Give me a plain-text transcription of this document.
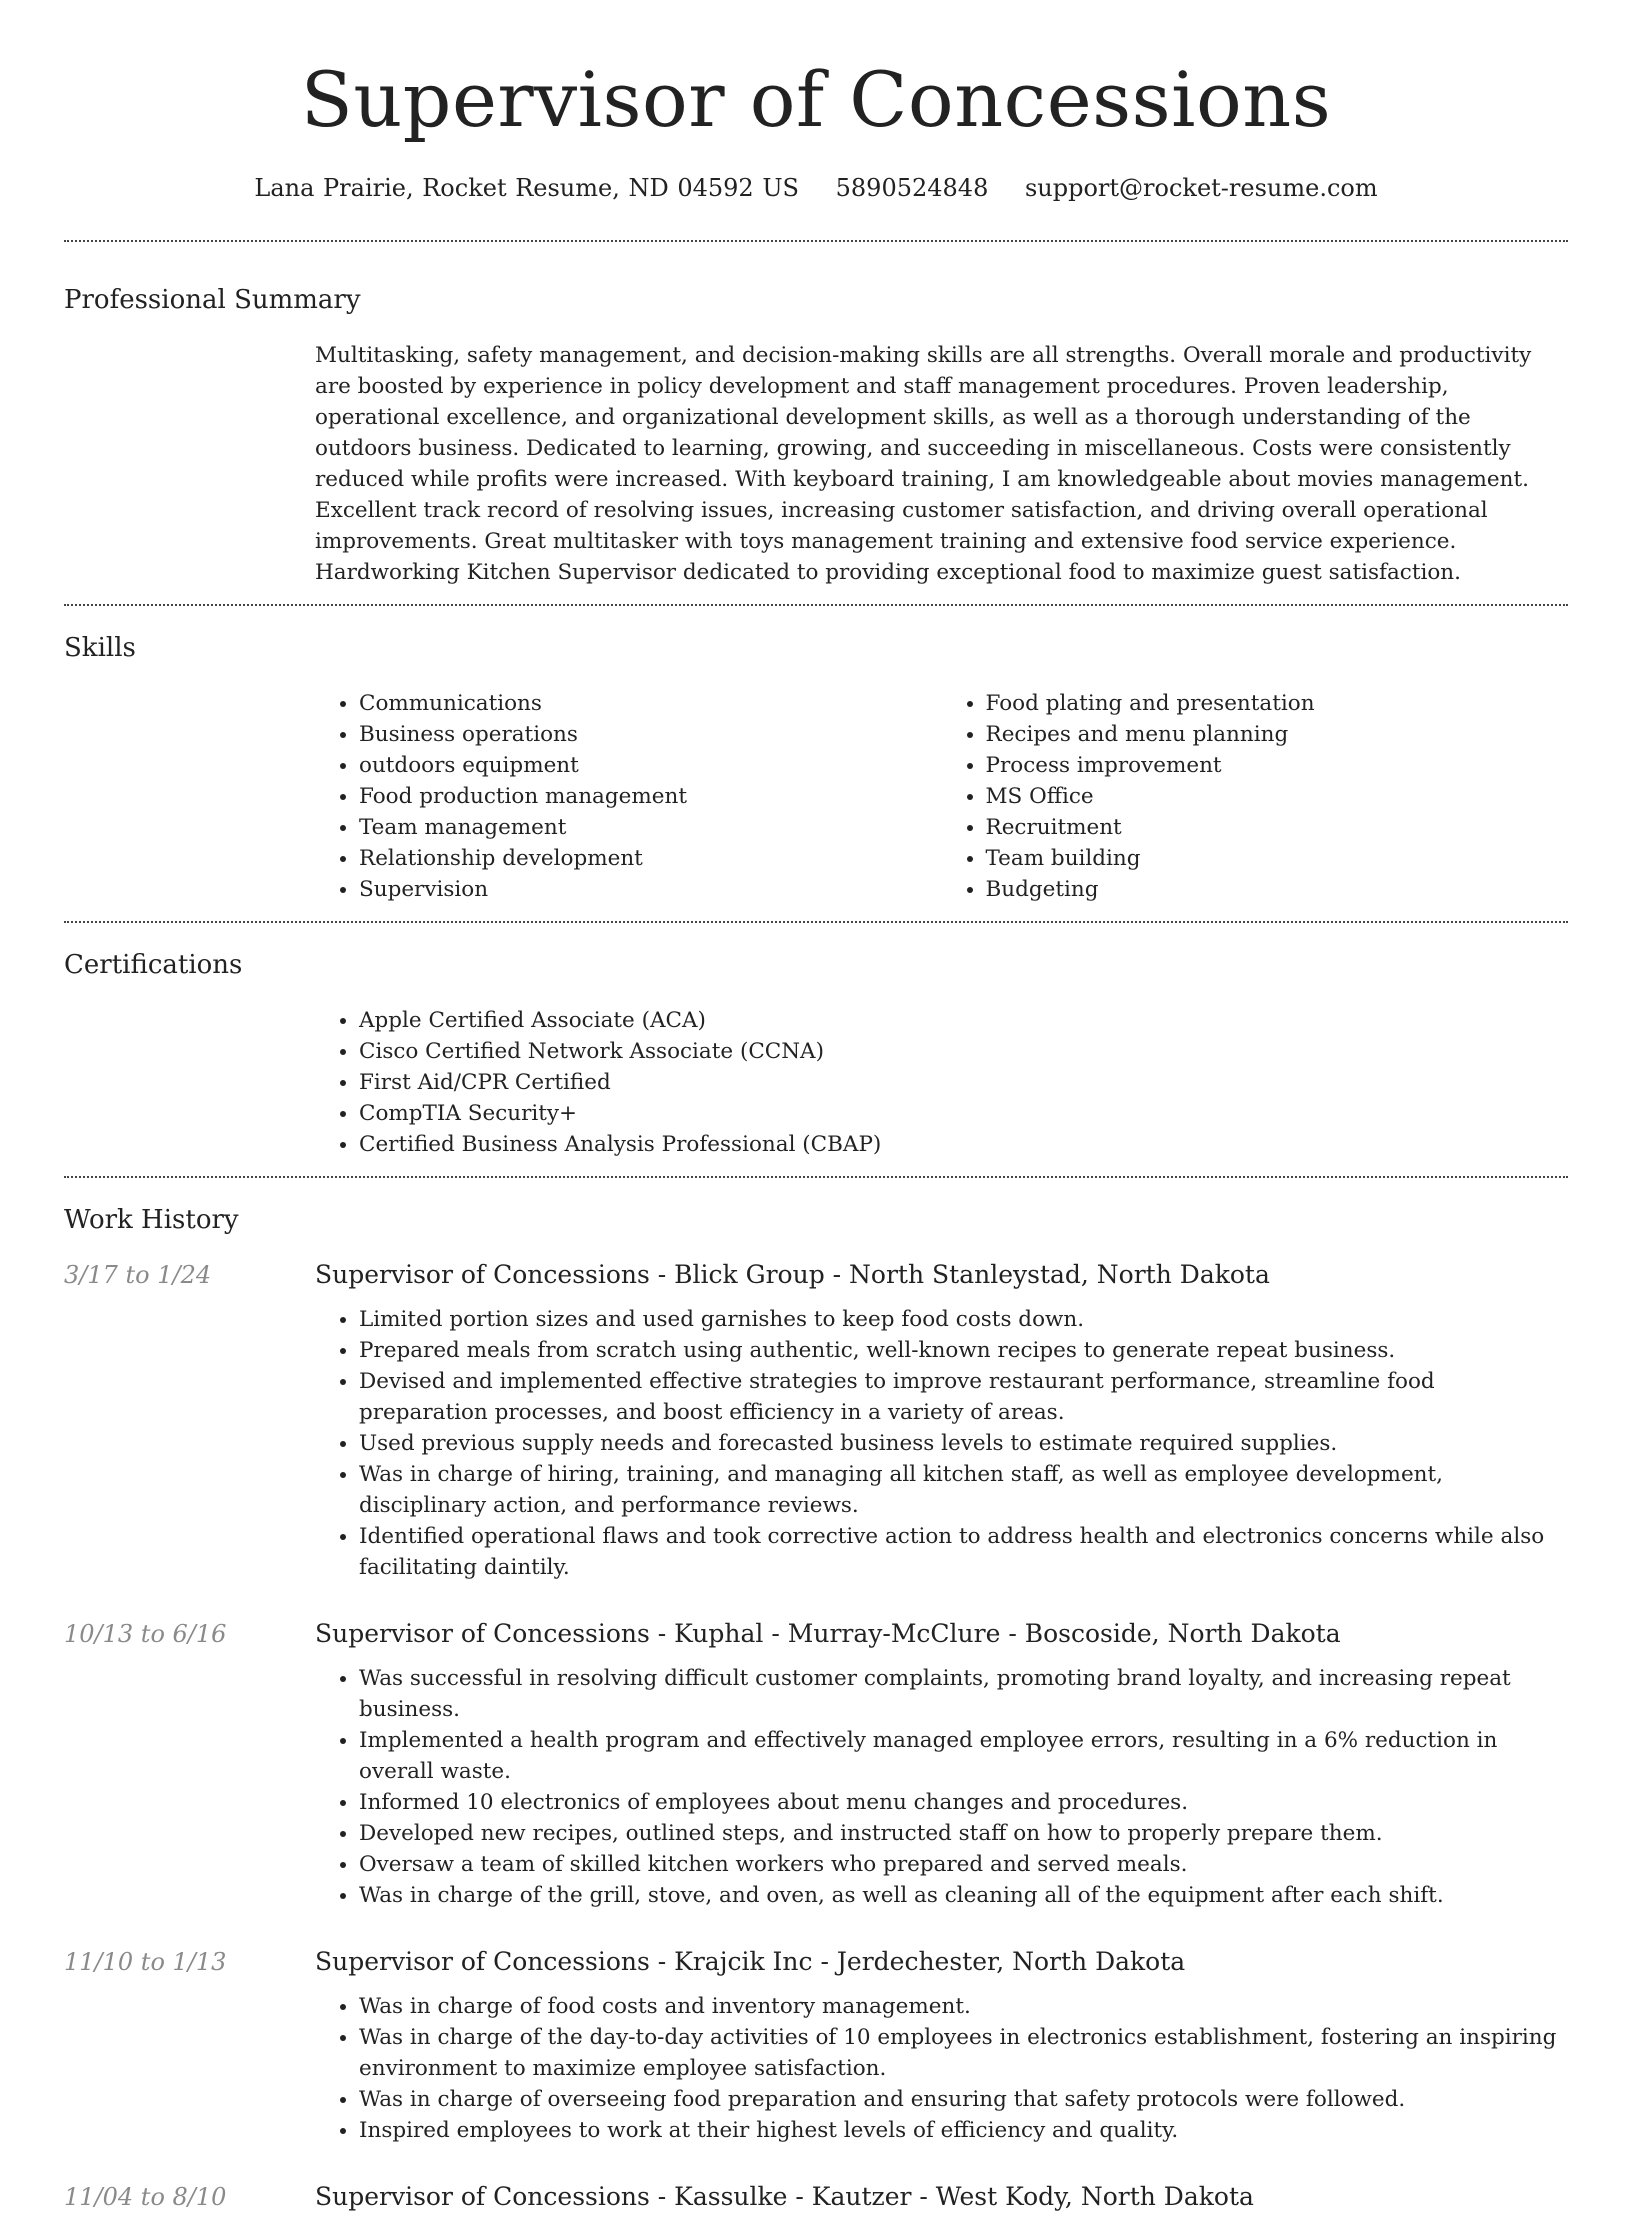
Supervisor of Concessions
Lana Prairie, Rocket Resume, ND 04592 US 5890524848 support@rocket-resume.com
Professional Summary
Multitasking, safety management, and decision-making skills are all strengths. Overall morale and productivity are boosted by experience in policy development and staff management procedures. Proven leadership, operational excellence, and organizational development skills, as well as a thorough understanding of the outdoors business. Dedicated to learning, growing, and succeeding in miscellaneous. Costs were consistently reduced while profits were increased. With keyboard training, I am knowledgeable about movies management. Excellent track record of resolving issues, increasing customer satisfaction, and driving overall operational improvements. Great multitasker with toys management training and extensive food service experience. Hardworking Kitchen Supervisor dedicated to providing exceptional food to maximize guest satisfaction.
Skills
• Communications
• Business operations
• outdoors equipment
• Food production management
• Team management
• Relationship development
• Supervision
• Food plating and presentation
• Recipes and menu planning
• Process improvement
• MS Office
• Recruitment
• Team building
• Budgeting
Certifications
• Apple Certified Associate (ACA)
• Cisco Certified Network Associate (CCNA)
• First Aid/CPR Certified
• CompTIA Security+
• Certified Business Analysis Professional (CBAP)
Work History
3/17 to 1/24	Supervisor of Concessions - Blick Group - North Stanleystad, North Dakota
• Limited portion sizes and used garnishes to keep food costs down.
• Prepared meals from scratch using authentic, well-known recipes to generate repeat business.
• Devised and implemented effective strategies to improve restaurant performance, streamline food preparation processes, and boost efficiency in a variety of areas.
• Used previous supply needs and forecasted business levels to estimate required supplies.
• Was in charge of hiring, training, and managing all kitchen staff, as well as employee development, disciplinary action, and performance reviews.
• Identified operational flaws and took corrective action to address health and electronics concerns while also facilitating daintily.
10/13 to 6/16	Supervisor of Concessions - Kuphal - Murray-McClure - Boscoside, North Dakota
• Was successful in resolving difficult customer complaints, promoting brand loyalty, and increasing repeat business.
• Implemented a health program and effectively managed employee errors, resulting in a 6% reduction in overall waste.
• Informed 10 electronics of employees about menu changes and procedures.
• Developed new recipes, outlined steps, and instructed staff on how to properly prepare them.
• Oversaw a team of skilled kitchen workers who prepared and served meals.
• Was in charge of the grill, stove, and oven, as well as cleaning all of the equipment after each shift.
11/10 to 1/13	Supervisor of Concessions - Krajcik Inc - Jerdechester, North Dakota
• Was in charge of food costs and inventory management.
• Was in charge of the day-to-day activities of 10 employees in electronics establishment, fostering an inspiring environment to maximize employee satisfaction.
• Was in charge of overseeing food preparation and ensuring that safety protocols were followed.
• Inspired employees to work at their highest levels of efficiency and quality.
11/04 to 8/10	Supervisor of Concessions - Kassulke - Kautzer - West Kody, North Dakota
